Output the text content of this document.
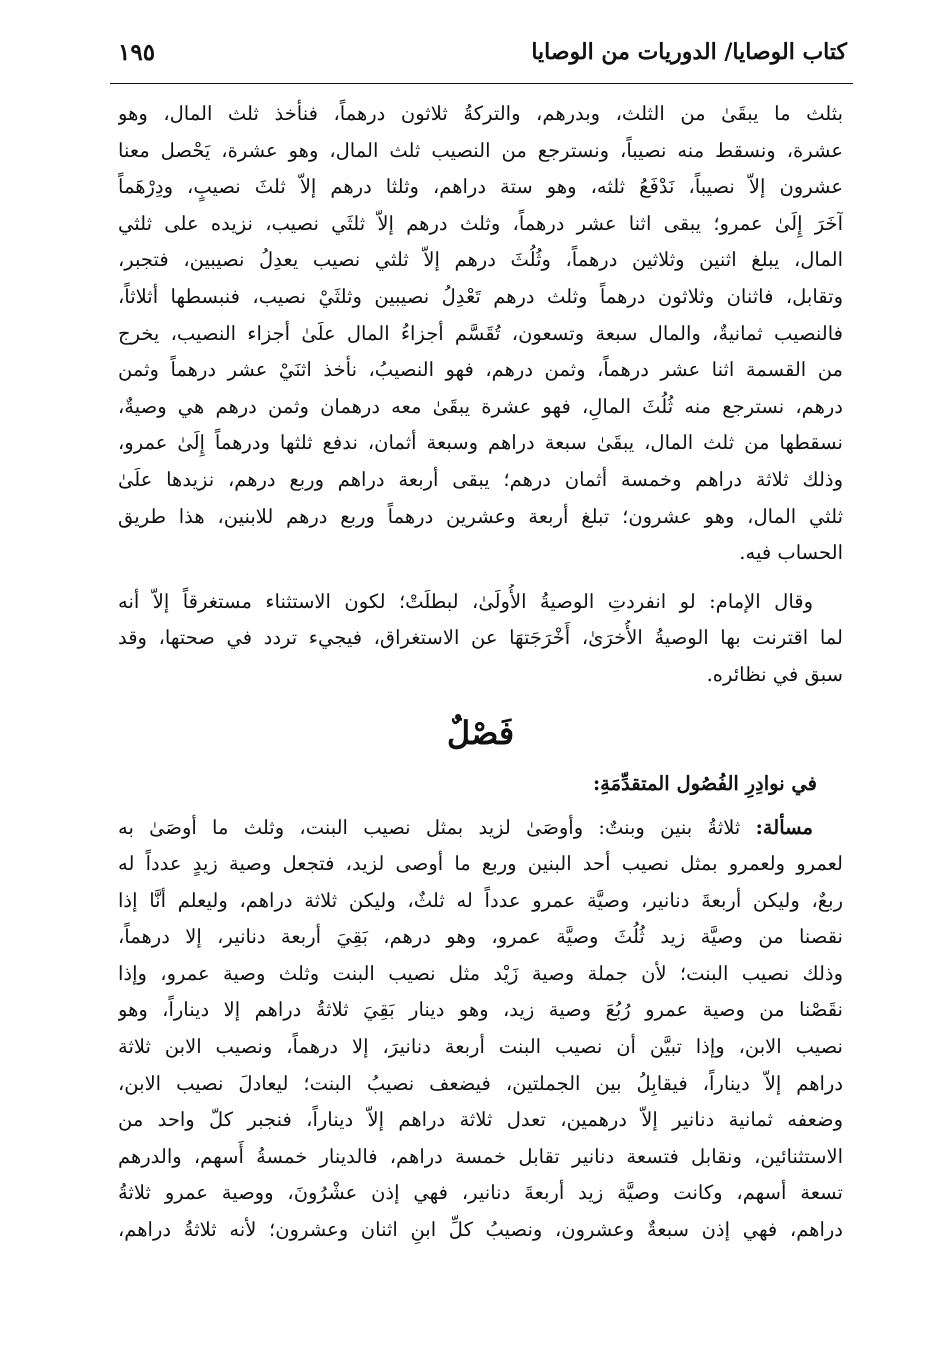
كتاب الوصايا/ الدوريات من الوصايا
١٩٥
بثلث ما يبقَىٰ من الثلث، وبدرهم، والتركةُ ثلاثون درهماً، فنأخذ ثلث المال، وهو
عشرة، ونسقط منه نصيباً، ونسترجع من النصيب ثلث المال، وهو عشرة، يَحْصل معنا
عشرون إلاّ نصيباً، نَدْفَعُ ثلثه، وهو ستة دراهم، وثلثا درهم إلاّ ثلثَ نصيبٍ، ودِرْهَماً
آخَرَ إِلَىٰ عمرو؛ يبقى اثنا عشر درهماً، وثلث درهم إلاّ ثلثَي نصيب، نزيده على ثلثي
المال، يبلغ اثنين وثلاثين درهماً، وثُلُثَ درهم إلاّ ثلثي نصيب يعدِلُ نصيبين، فتجبر،
وتقابل، فاثنان وثلاثون درهماً وثلث درهم تَعْدِلُ نصيبين وثلثَيْ نصيب، فنبسطها أثلاثاً،
فالنصيب ثمانيةٌ، والمال سبعة وتسعون، تُقَسَّم أجزاءُ المال علَىٰ أجزاء النصيب، يخرج
من القسمة اثنا عشر درهماً، وثمن درهم، فهو النصيبُ، نأخذ اثنَيْ عشر درهماً وثمن
درهم، نسترجع منه ثُلُثَ المالِ، فهو عشرة يبقَىٰ معه درهمان وثمن درهم هي وصيةٌ،
نسقطها من ثلث المال، يبقَىٰ سبعة دراهم وسبعة أثمان، ندفع ثلثها ودرهماً إِلَىٰ عمرو،
وذلك ثلاثة دراهم وخمسة أثمان درهم؛ يبقى أربعة دراهم وربع درهم، نزيدها علَىٰ
ثلثي المال، وهو عشرون؛ تبلغ أربعة وعشرين درهماً وربع درهم للابنين، هذا طريق
الحساب فيه.
وقال الإمام: لو انفردتِ الوصيةُ الأُولَىٰ، لبطلَتْ؛ لكون الاستثناء مستغرقاً إلاّ أنه
لما اقترنت بها الوصيةُ الأُخرَىٰ، أَخْرَجَتهَا عن الاستغراق، فيجيء تردد في صحتها، وقد
سبق في نظائره.
فَصْلٌ
في نوادِرِ الفُصُول المتقدِّمَةِ:
مسألة: ثلاثةُ بنين وبنتٌ: وأوصَىٰ لزيد بمثل نصيب البنت، وثلث ما أوصَىٰ به
لعمرو ولعمرو بمثل نصيب أحد البنين وربع ما أوصى لزيد، فتجعل وصية زيدٍ عدداً له
ربعٌ، وليكن أربعةَ دنانير، وصيَّة عمرو عدداً له ثلثٌ، وليكن ثلاثة دراهم، وليعلم أنَّا إذا
نقصنا من وصيَّة زيد ثُلُثَ وصيَّة عمرو، وهو درهم، بَقِيَ أربعة دنانير، إلا درهماً،
وذلك نصيب البنت؛ لأن جملة وصية زَيْد مثل نصيب البنت وثلث وصية عمرو، وإذا
نقَصْنا من وصية عمرو رُبُعَ وصية زيد، وهو دينار بَقِيَ ثلاثةُ دراهم إلا ديناراً، وهو
نصيب الابن، وإذا تبيَّن أن نصيب البنت أربعة دنانيرَ، إلا درهماً، ونصيب الابن ثلاثة
دراهم إلاّ ديناراً، فيقابِلُ بين الجملتين، فيضعف نصيبُ البنت؛ ليعادلَ نصيب الابن،
وضعفه ثمانية دنانير إلاّ درهمين، تعدل ثلاثة دراهم إلاّ ديناراً، فنجبر كلّ واحد من
الاستثنائين، ونقابل فتسعة دنانير تقابل خمسة دراهم، فالدينار خمسةُ أَسهم، والدرهم
تسعة أسهم، وكانت وصيَّة زيد أربعةَ دنانير، فهي إذن عشْرُونَ، ووصية عمرو ثلاثةُ
دراهم، فهي إذن سبعةٌ وعشرون، ونصيبُ كلِّ ابنِ اثنان وعشرون؛ لأنه ثلاثةُ دراهم،
